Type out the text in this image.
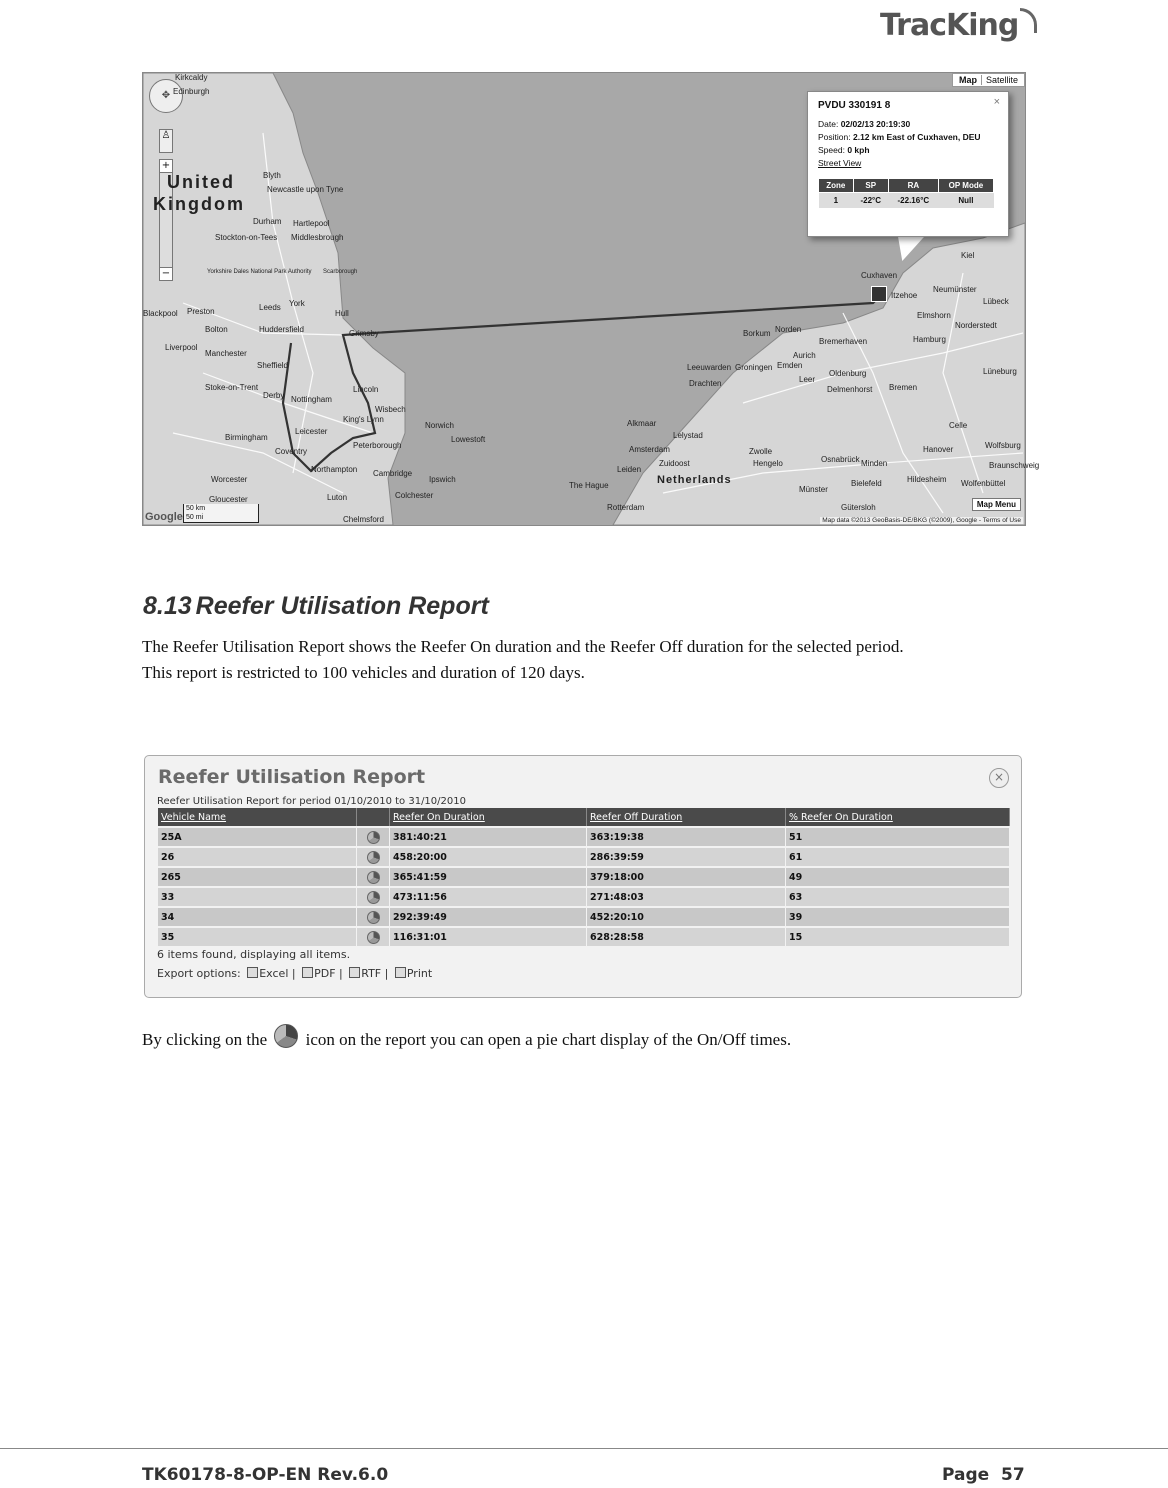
TracKing
Map Satellite
✥
♙
+
−
United
Kingdom
Netherlands
Kirkcaldy
Edinburgh
Blyth
Newcastle upon Tyne
Durham Hartlepool
Stockton-on-Tees Middlesbrough
Yorkshire Dales National Park Authority Scarborough
York
Leeds
Hull
Preston
Blackpool
Bolton	Huddersfield
Liverpool
Manchester
Sheffield
Grimsby
Stoke-on-Trent
Derby Nottingham
Lincoln
King's Lynn
Norwich
Birmingham
Leicester
Coventry
Northampton Cambridge
Ipswich
Worcester
Gloucester	Luton	Colchester
Chelmsford
Peterborough
Lowestoft
Wisbech
Kiel
Neumünster
Lübeck
Itzehoe
Elmshorn
Norderstedt
Hamburg
Bremerhaven
Borkum Norden
Emden
Aurich
Oldenburg
Bremen
Delmenhorst
Lüneburg
Leeuwarden Groningen
Leer
Drachten
Alkmaar
Lelystad
Amsterdam
Zuidoost
Leiden
The Hague
Rotterdam
Zwolle
Hengelo
Münster
Osnabrück Minden
Bielefeld
Hanover
Hildesheim
Wolfsburg
Braunschweig
Celle
Gütersloh
Wolfenbüttel
Cuxhaven
×
PVDU 330191 8
Date: 02/02/13 20:19:30
Position: 2.12 km East of Cuxhaven, DEU
Speed: 0 kph
Street View
Zone	SP	RA	OP Mode
1	-22°C	-22.16°C	Null
Map Menu
Map data ©2013 GeoBasis-DE/BKG (©2009), Google - Terms of Use
50 km
50 mi
Google
8.13 Reefer Utilisation Report
The Reefer Utilisation Report shows the Reefer On duration and the Reefer Off duration for the selected period.
This report is restricted to 100 vehicles and duration of 120 days.
Reefer Utilisation Report	×
Reefer Utilisation Report for period 01/10/2010 to 31/10/2010
Vehicle Name		Reefer On Duration	Reefer Off Duration	% Reefer On Duration
25A		381:40:21	363:19:38	51
26		458:20:00	286:39:59	61
265		365:41:59	379:18:00	49
33		473:11:56	271:48:03	63
34		292:39:49	452:20:10	39
35		116:31:01	628:28:58	15
6 items found, displaying all items.
Export options: Excel | PDF | RTF | Print
By clicking on the icon on the report you can open a pie chart display of the On/Off times.
TK60178-8-OP-EN Rev.6.0	Page 57
